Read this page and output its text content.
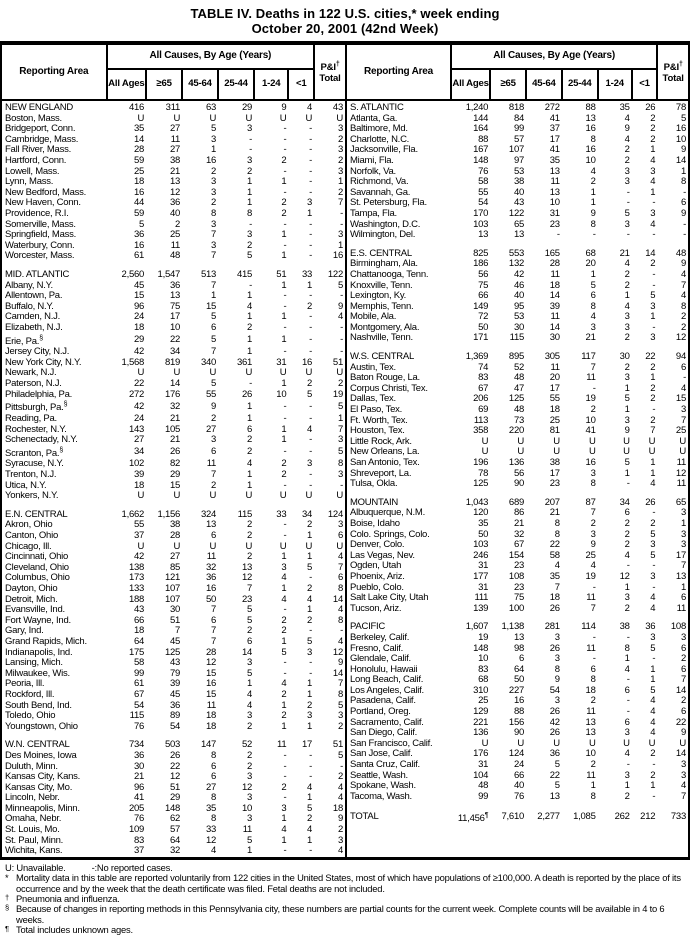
TABLE IV. Deaths in 122 U.S. cities,* week ending
October 20, 2001 (42nd Week)
Reporting Area	All Causes, By Age (Years)						P&I†
Total
	All Ages	≥65	45-64	25-44	1-24	<1	

NEW ENGLAND	416	311	63	29	9	4	43
Boston, Mass.	U	U	U	U	U	U	U
Bridgeport, Conn.	35	27	5	3	-	-	3
Cambridge, Mass.	14	11	3	-	-	-	2
Fall River, Mass.	28	27	1	-	-	-	3
Hartford, Conn.	59	38	16	3	2	-	2
Lowell, Mass.	25	21	2	2	-	-	3
Lynn, Mass.	18	13	3	1	1	-	1
New Bedford, Mass.	16	12	3	1	-	-	2
New Haven, Conn.	44	36	2	1	2	3	7
Providence, R.I.	59	40	8	8	2	1	-
Somerville, Mass.	5	2	3	-	-	-	-
Springfield, Mass.	36	25	7	3	1	-	3
Waterbury, Conn.	16	11	3	2	-	-	1
Worcester, Mass.	61	48	7	5	1	-	16

MID. ATLANTIC	2,560	1,547	513	415	51	33	122
Albany, N.Y.	45	36	7	-	1	1	5
Allentown, Pa.	15	13	1	1	-	-	-
Buffalo, N.Y.	96	75	15	4	-	2	9
Camden, N.J.	24	17	5	1	1	-	4
Elizabeth, N.J.	18	10	6	2	-	-	-
Erie, Pa.§	29	22	5	1	1	-	-
Jersey City, N.J.	42	34	7	1	-	-	-
New York City, N.Y.	1,568	819	340	361	31	16	51
Newark, N.J.	U	U	U	U	U	U	U
Paterson, N.J.	22	14	5	-	1	2	2
Philadelphia, Pa.	272	176	55	26	10	5	19
Pittsburgh, Pa.§	42	32	9	1	-	-	5
Reading, Pa.	24	21	2	1	-	-	1
Rochester, N.Y.	143	105	27	6	1	4	7
Schenectady, N.Y.	27	21	3	2	1	-	3
Scranton, Pa.§	34	26	6	2	-	-	5
Syracuse, N.Y.	102	82	11	4	2	3	8
Trenton, N.J.	39	29	7	1	2	-	3
Utica, N.Y.	18	15	2	1	-	-	-
Yonkers, N.Y.	U	U	U	U	U	U	U

E.N. CENTRAL	1,662	1,156	324	115	33	34	124
Akron, Ohio	55	38	13	2	-	2	3
Canton, Ohio	37	28	6	2	-	1	6
Chicago, Ill.	U	U	U	U	U	U	U
Cincinnati, Ohio	42	27	11	2	1	1	4
Cleveland, Ohio	138	85	32	13	3	5	7
Columbus, Ohio	173	121	36	12	4	-	6
Dayton, Ohio	133	107	16	7	1	2	8
Detroit, Mich.	188	107	50	23	4	4	14
Evansville, Ind.	43	30	7	5	-	1	4
Fort Wayne, Ind.	66	51	6	5	2	2	8
Gary, Ind.	18	7	7	2	2	-	-
Grand Rapids, Mich.	64	45	7	6	1	5	4
Indianapolis, Ind.	175	125	28	14	5	3	12
Lansing, Mich.	58	43	12	3	-	-	9
Milwaukee, Wis.	99	79	15	5	-	-	14
Peoria, Ill.	61	39	16	1	4	1	7
Rockford, Ill.	67	45	15	4	2	1	8
South Bend, Ind.	54	36	11	4	1	2	5
Toledo, Ohio	115	89	18	3	2	3	3
Youngstown, Ohio	76	54	18	2	1	1	2

W.N. CENTRAL	734	503	147	52	11	17	51
Des Moines, Iowa	36	26	8	2	-	-	5
Duluth, Minn.	30	22	6	2	-	-	-
Kansas City, Kans.	21	12	6	3	-	-	2
Kansas City, Mo.	96	51	27	12	2	4	4
Lincoln, Nebr.	41	29	8	3	-	1	4
Minneapolis, Minn.	205	148	35	10	3	5	18
Omaha, Nebr.	76	62	8	3	1	2	9
St. Louis, Mo.	109	57	33	11	4	4	2
St. Paul, Minn.	83	64	12	5	1	1	3
Wichita, Kans.	37	32	4	1	-	-	4
Reporting Area	All Causes, By Age (Years)						P&I†
Total
	All Ages	≥65	45-64	25-44	1-24	<1	

S. ATLANTIC	1,240	818	272	88	35	26	78
Atlanta, Ga.	144	84	41	13	4	2	5
Baltimore, Md.	164	99	37	16	9	2	16
Charlotte, N.C.	88	57	17	8	4	2	10
Jacksonville, Fla.	167	107	41	16	2	1	9
Miami, Fla.	148	97	35	10	2	4	14
Norfolk, Va.	76	53	13	4	3	3	1
Richmond, Va.	58	38	11	2	3	4	8
Savannah, Ga.	55	40	13	1	-	1	-
St. Petersburg, Fla.	54	43	10	1	-	-	6
Tampa, Fla.	170	122	31	9	5	3	9
Washington, D.C.	103	65	23	8	3	4	-
Wilmington, Del.	13	13	-	-	-	-	-

E.S. CENTRAL	825	553	165	68	21	14	48
Birmingham, Ala.	186	132	28	20	4	2	9
Chattanooga, Tenn.	56	42	11	1	2	-	4
Knoxville, Tenn.	75	46	18	5	2	-	7
Lexington, Ky.	66	40	14	6	1	5	4
Memphis, Tenn.	149	95	39	8	4	3	8
Mobile, Ala.	72	53	11	4	3	1	2
Montgomery, Ala.	50	30	14	3	3	-	2
Nashville, Tenn.	171	115	30	21	2	3	12

W.S. CENTRAL	1,369	895	305	117	30	22	94
Austin, Tex.	74	52	11	7	2	2	6
Baton Rouge, La.	83	48	20	11	3	1	-
Corpus Christi, Tex.	67	47	17	-	1	2	4
Dallas, Tex.	206	125	55	19	5	2	15
El Paso, Tex.	69	48	18	2	1	-	3
Ft. Worth, Tex.	113	73	25	10	3	2	7
Houston, Tex.	358	220	81	41	9	7	25
Little Rock, Ark.	U	U	U	U	U	U	U
New Orleans, La.	U	U	U	U	U	U	U
San Antonio, Tex.	196	136	38	16	5	1	11
Shreveport, La.	78	56	17	3	1	1	12
Tulsa, Okla.	125	90	23	8	-	4	11

MOUNTAIN	1,043	689	207	87	34	26	65
Albuquerque, N.M.	120	86	21	7	6	-	3
Boise, Idaho	35	21	8	2	2	2	1
Colo. Springs, Colo.	50	32	8	3	2	5	3
Denver, Colo.	103	67	22	9	2	3	3
Las Vegas, Nev.	246	154	58	25	4	5	17
Ogden, Utah	31	23	4	4	-	-	7
Phoenix, Ariz.	177	108	35	19	12	3	13
Pueblo, Colo.	31	23	7	-	1	-	1
Salt Lake City, Utah	111	75	18	11	3	4	6
Tucson, Ariz.	139	100	26	7	2	4	11

PACIFIC	1,607	1,138	281	114	38	36	108
Berkeley, Calif.	19	13	3	-	-	3	3
Fresno, Calif.	148	98	26	11	8	5	6
Glendale, Calif.	10	6	3	-	1	-	2
Honolulu, Hawaii	83	64	8	6	4	1	6
Long Beach, Calif.	68	50	9	8	-	1	7
Los Angeles, Calif.	310	227	54	18	6	5	14
Pasadena, Calif.	25	16	3	2	-	4	2
Portland, Oreg.	129	88	26	11	-	4	6
Sacramento, Calif.	221	156	42	13	6	4	22
San Diego, Calif.	136	90	26	13	3	4	9
San Francisco, Calif.	U	U	U	U	U	U	U
San Jose, Calif.	176	124	36	10	4	2	14
Santa Cruz, Calif.	31	24	5	2	-	-	3
Seattle, Wash.	104	66	22	11	3	2	3
Spokane, Wash.	48	40	5	1	1	1	4
Tacoma, Wash.	99	76	13	8	2	-	7

TOTAL	11,456¶	7,610	2,277	1,085	262	212	733
U: Unavailable.	-:No reported cases.
* Mortality data in this table are reported voluntarily from 122 cities in the United States, most of which have populations of ≥100,000. A death is reported by the place of its occurrence and by the week that the death certificate was filed. Fetal deaths are not included.
† Pneumonia and influenza.
§ Because of changes in reporting methods in this Pennsylvania city, these numbers are partial counts for the current week. Complete counts will be available in 4 to 6 weeks.
¶ Total includes unknown ages.
